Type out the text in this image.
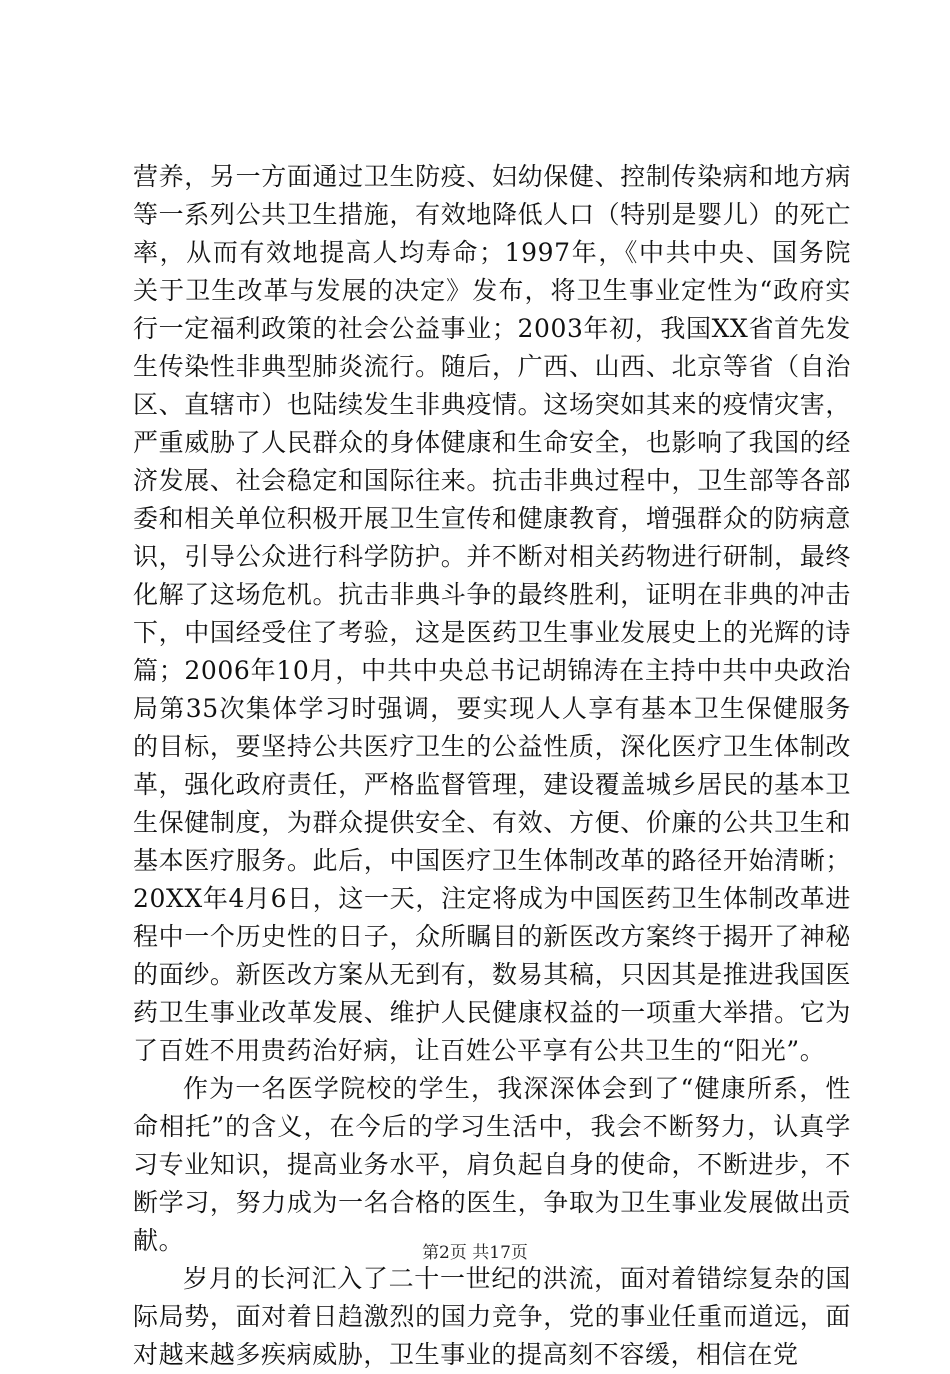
营养，另一方面通过卫生防疫、妇幼保健、控制传染病和地方病等一系列公共卫生措施，有效地降低人口（特别是婴儿）的死亡率，从而有效地提高人均寿命；1997年，《中共中央、国务院关于卫生改革与发展的决定》发布，将卫生事业定性为“政府实行一定福利政策的社会公益事业；2003年初，我国XX省首先发生传染性非典型肺炎流行。随后，广西、山西、北京等省（自治区、直辖市）也陆续发生非典疫情。这场突如其来的疫情灾害，严重威胁了人民群众的身体健康和生命安全，也影响了我国的经济发展、社会稳定和国际往来。抗击非典过程中，卫生部等各部委和相关单位积极开展卫生宣传和健康教育，增强群众的防病意识，引导公众进行科学防护。并不断对相关药物进行研制，最终化解了这场危机。抗击非典斗争的最终胜利，证明在非典的冲击下，中国经受住了考验，这是医药卫生事业发展史上的光辉的诗篇；2006年10月，中共中央总书记胡锦涛在主持中共中央政治局第35次集体学习时强调，要实现人人享有基本卫生保健服务的目标，要坚持公共医疗卫生的公益性质，深化医疗卫生体制改革，强化政府责任，严格监督管理，建设覆盖城乡居民的基本卫生保健制度，为群众提供安全、有效、方便、价廉的公共卫生和基本医疗服务。此后，中国医疗卫生体制改革的路径开始清晰；20XX年4月6日，这一天，注定将成为中国医药卫生体制改革进程中一个历史性的日子，众所瞩目的新医改方案终于揭开了神秘的面纱。新医改方案从无到有，数易其稿，只因其是推进我国医药卫生事业改革发展、维护人民健康权益的一项重大举措。它为了百姓不用贵药治好病，让百姓公平享有公共卫生的“阳光”。

作为一名医学院校的学生，我深深体会到了“健康所系，性命相托”的含义，在今后的学习生活中，我会不断努力，认真学习专业知识，提高业务水平，肩负起自身的使命，不断进步，不断学习，努力成为一名合格的医生，争取为卫生事业发展做出贡献。

岁月的长河汇入了二十一世纪的洪流，面对着错综复杂的国际局势，面对着日趋激烈的国力竞争，党的事业任重而道远，面对越来越多疾病威胁，卫生事业的提高刻不容缓，相信在党

第2页 共17页
